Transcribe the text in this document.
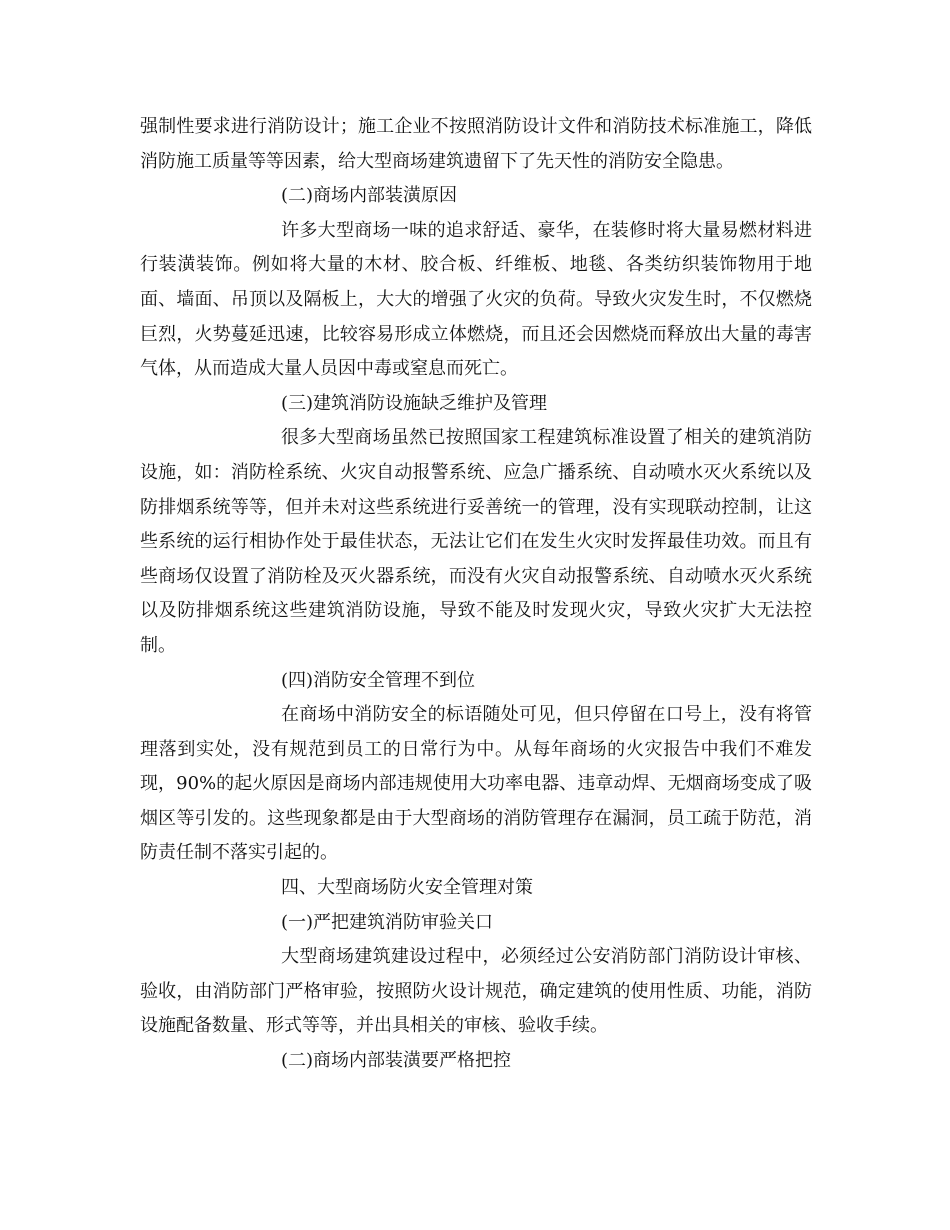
强制性要求进行消防设计；施工企业不按照消防设计文件和消防技术标准施工，降低消防施工质量等等因素，给大型商场建筑遗留下了先天性的消防安全隐患。

(二)商场内部装潢原因

许多大型商场一味的追求舒适、豪华，在装修时将大量易燃材料进行装潢装饰。例如将大量的木材、胶合板、纤维板、地毯、各类纺织装饰物用于地面、墙面、吊顶以及隔板上，大大的增强了火灾的负荷。导致火灾发生时，不仅燃烧巨烈，火势蔓延迅速，比较容易形成立体燃烧，而且还会因燃烧而释放出大量的毒害气体，从而造成大量人员因中毒或窒息而死亡。

(三)建筑消防设施缺乏维护及管理

很多大型商场虽然已按照国家工程建筑标准设置了相关的建筑消防设施，如：消防栓系统、火灾自动报警系统、应急广播系统、自动喷水灭火系统以及防排烟系统等等，但并未对这些系统进行妥善统一的管理，没有实现联动控制，让这些系统的运行相协作处于最佳状态，无法让它们在发生火灾时发挥最佳功效。而且有些商场仅设置了消防栓及灭火器系统，而没有火灾自动报警系统、自动喷水灭火系统以及防排烟系统这些建筑消防设施，导致不能及时发现火灾，导致火灾扩大无法控制。

(四)消防安全管理不到位

在商场中消防安全的标语随处可见，但只停留在口号上，没有将管理落到实处，没有规范到员工的日常行为中。从每年商场的火灾报告中我们不难发现，90%的起火原因是商场内部违规使用大功率电器、违章动焊、无烟商场变成了吸烟区等引发的。这些现象都是由于大型商场的消防管理存在漏洞，员工疏于防范，消防责任制不落实引起的。

四、大型商场防火安全管理对策

(一)严把建筑消防审验关口

大型商场建筑建设过程中，必须经过公安消防部门消防设计审核、验收，由消防部门严格审验，按照防火设计规范，确定建筑的使用性质、功能，消防设施配备数量、形式等等，并出具相关的审核、验收手续。

(二)商场内部装潢要严格把控
